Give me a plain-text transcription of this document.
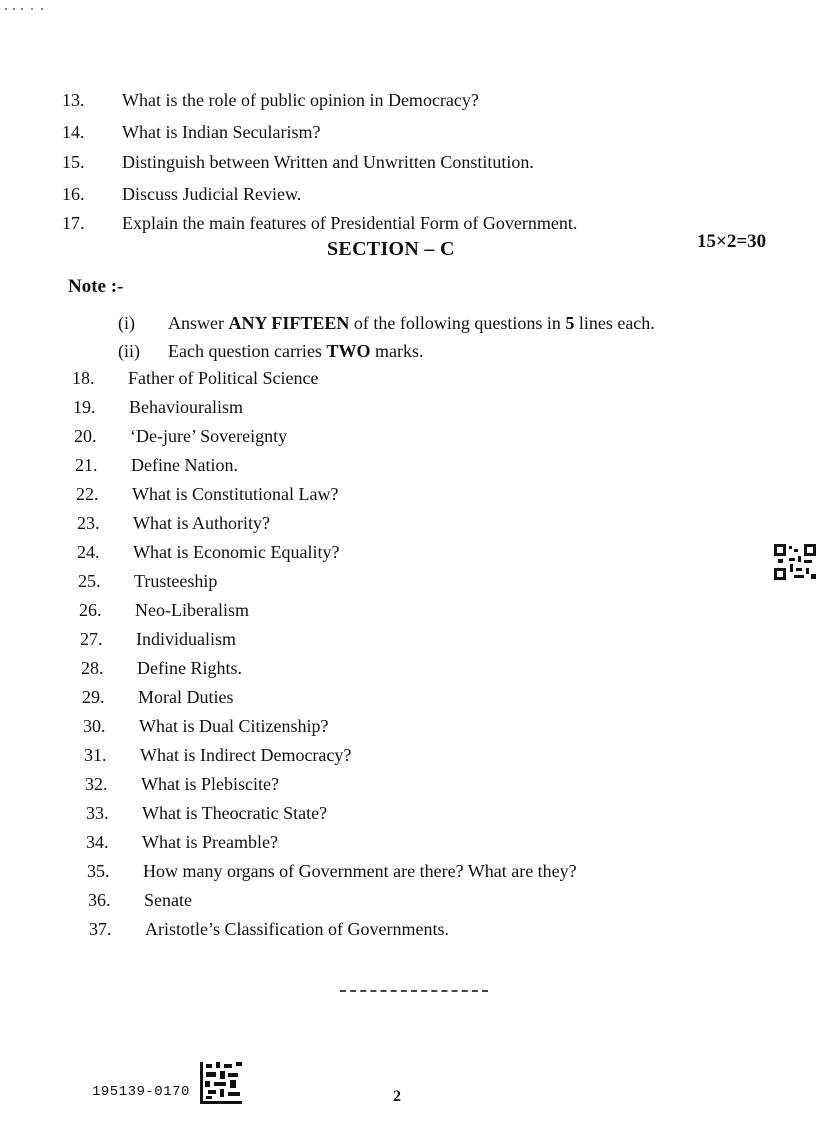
13. What is the role of public opinion in Democracy?
14. What is Indian Secularism?
15. Distinguish between Written and Unwritten Constitution.
16. Discuss Judicial Review.
17. Explain the main features of Presidential Form of Government.
SECTION – C	15×2=30
Note :-
(i) Answer ANY FIFTEEN of the following questions in 5 lines each.
(ii) Each question carries TWO marks.
18. Father of Political Science
19. Behaviouralism
20. ‘De-jure’ Sovereignty
21. Define Nation.
22. What is Constitutional Law?
23. What is Authority?
24. What is Economic Equality?
25. Trusteeship
26. Neo-Liberalism
27. Individualism
28. Define Rights.
29. Moral Duties
30. What is Dual Citizenship?
31. What is Indirect Democracy?
32. What is Plebiscite?
33. What is Theocratic State?
34. What is Preamble?
35. How many organs of Government are there? What are they?
36. Senate
37. Aristotle’s Classification of Governments.
195139-0170	2
